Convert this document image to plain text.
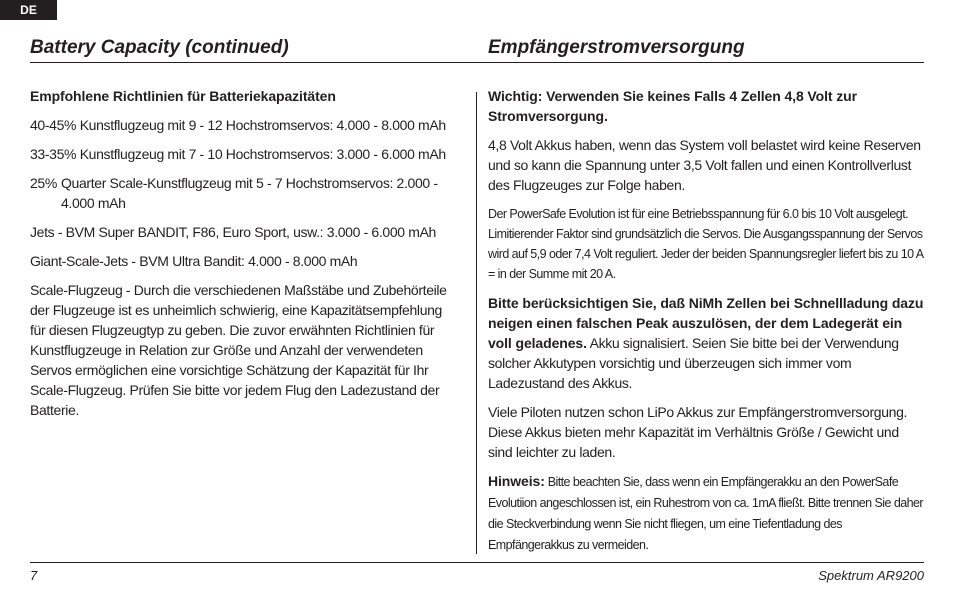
DE
Battery Capacity (continued)	Empfängerstromversorgung

Empfohlene Richtlinien für Batteriekapazitäten

40-45% Kunstflugzeug mit 9 - 12 Hochstromservos: 4.000 - 8.000 mAh

33-35% Kunstflugzeug mit 7 - 10 Hochstromservos: 3.000 - 6.000 mAh

25% Quarter Scale-Kunstflugzeug mit 5 - 7 Hochstromservos: 2.000 - 4.000 mAh

Jets - BVM Super BANDIT, F86, Euro Sport, usw.: 3.000 - 6.000 mAh

Giant-Scale-Jets - BVM Ultra Bandit: 4.000 - 8.000 mAh

Scale-Flugzeug - Durch die verschiedenen Maßstäbe und Zubehörteile der Flugzeuge ist es unheimlich schwierig, eine Kapazitätsempfehlung für diesen Flugzeugtyp zu geben. Die zuvor erwähnten Richtlinien für Kunstflugzeuge in Relation zur Größe und Anzahl der verwendeten Servos ermöglichen eine vorsichtige Schätzung der Kapazität für Ihr Scale-Flugzeug. Prüfen Sie bitte vor jedem Flug den Ladezustand der Batterie.

Wichtig: Verwenden Sie keines Falls 4 Zellen 4,8 Volt zur Stromversorgung.

4,8 Volt Akkus haben, wenn das System voll belastet wird keine Reserven und so kann die Spannung unter 3,5 Volt fallen und einen Kontrollverlust des Flugzeuges zur Folge haben.

Der PowerSafe Evolution ist für eine Betriebsspannung für 6.0 bis 10 Volt ausgelegt. Limitierender Faktor sind grundsätzlich die Servos. Die Ausgangsspannung der Servos wird auf 5,9 oder 7,4 Volt reguliert. Jeder der beiden Spannungsregler liefert bis zu 10 A = in der Summe mit 20 A.

Bitte berücksichtigen Sie, daß NiMh Zellen bei Schnellladung dazu neigen einen falschen Peak auszulösen, der dem Ladegerät ein voll geladenes. Akku signalisiert. Seien Sie bitte bei der Verwendung solcher Akkutypen vorsichtig und überzeugen sich immer vom Ladezustand des Akkus.

Viele Piloten nutzen schon LiPo Akkus zur Empfängerstromversorgung. Diese Akkus bieten mehr Kapazität im Verhältnis Größe / Gewicht und sind leichter zu laden.

Hinweis: Bitte beachten Sie, dass wenn ein Empfängerakku an den PowerSafe Evolutiion angeschlossen ist, ein Ruhestrom von ca. 1mA fließt. Bitte trennen Sie daher die Steckverbindung wenn Sie nicht fliegen, um eine Tiefentladung des Empfängerakkus zu vermeiden.

7	Spektrum AR9200
